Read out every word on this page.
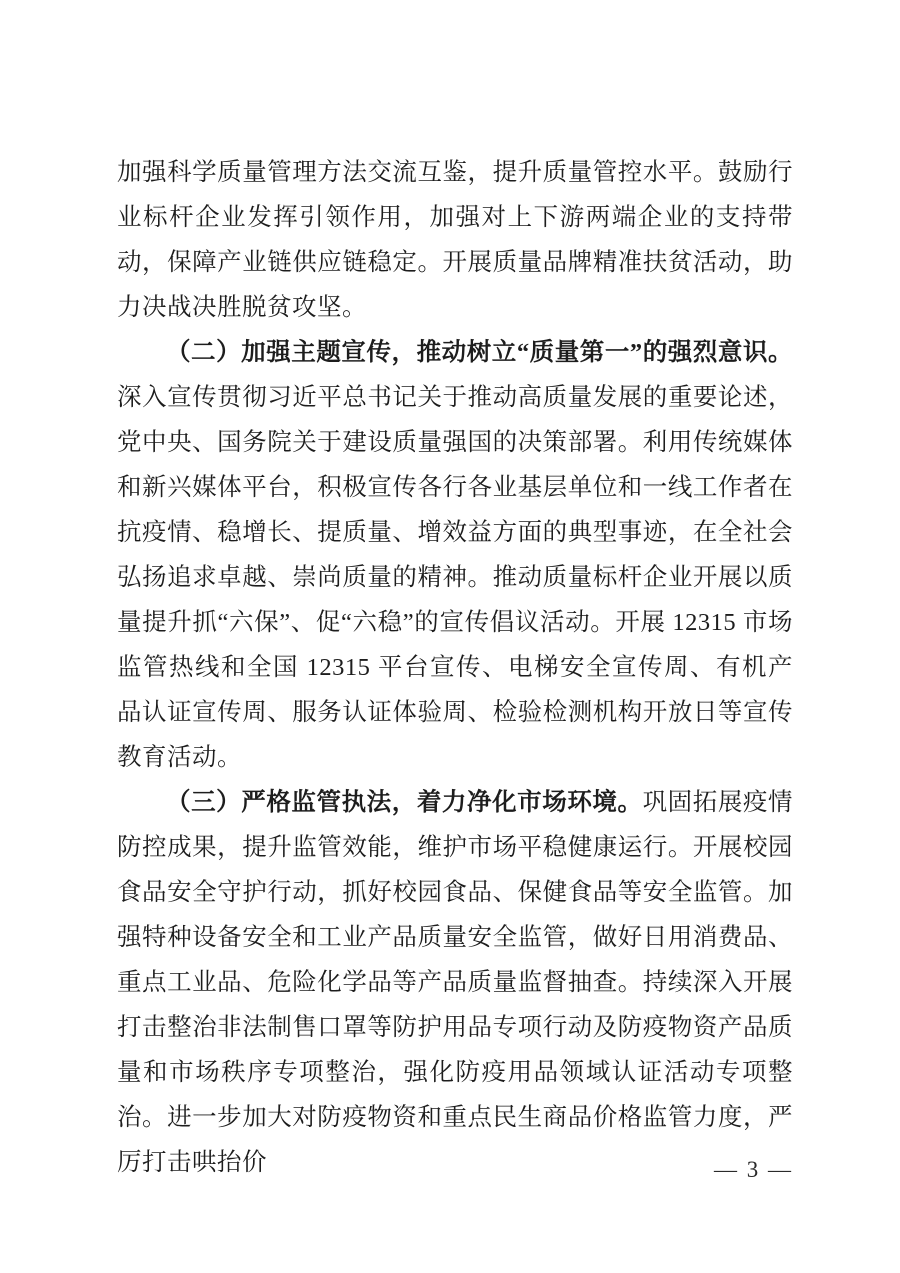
加强科学质量管理方法交流互鉴，提升质量管控水平。鼓励行业标杆企业发挥引领作用，加强对上下游两端企业的支持带动，保障产业链供应链稳定。开展质量品牌精准扶贫活动，助力决战决胜脱贫攻坚。

（二）加强主题宣传，推动树立“质量第一”的强烈意识。深入宣传贯彻习近平总书记关于推动高质量发展的重要论述，党中央、国务院关于建设质量强国的决策部署。利用传统媒体和新兴媒体平台，积极宣传各行各业基层单位和一线工作者在抗疫情、稳增长、提质量、增效益方面的典型事迹，在全社会弘扬追求卓越、崇尚质量的精神。推动质量标杆企业开展以质量提升抓“六保”、促“六稳”的宣传倡议活动。开展 12315 市场监管热线和全国 12315 平台宣传、电梯安全宣传周、有机产品认证宣传周、服务认证体验周、检验检测机构开放日等宣传教育活动。

（三）严格监管执法，着力净化市场环境。巩固拓展疫情防控成果，提升监管效能，维护市场平稳健康运行。开展校园食品安全守护行动，抓好校园食品、保健食品等安全监管。加强特种设备安全和工业产品质量安全监管，做好日用消费品、重点工业品、危险化学品等产品质量监督抽查。持续深入开展打击整治非法制售口罩等防护用品专项行动及防疫物资产品质量和市场秩序专项整治，强化防疫用品领域认证活动专项整治。进一步加大对防疫物资和重点民生商品价格监管力度，严厉打击哄抬价	— 3 —
